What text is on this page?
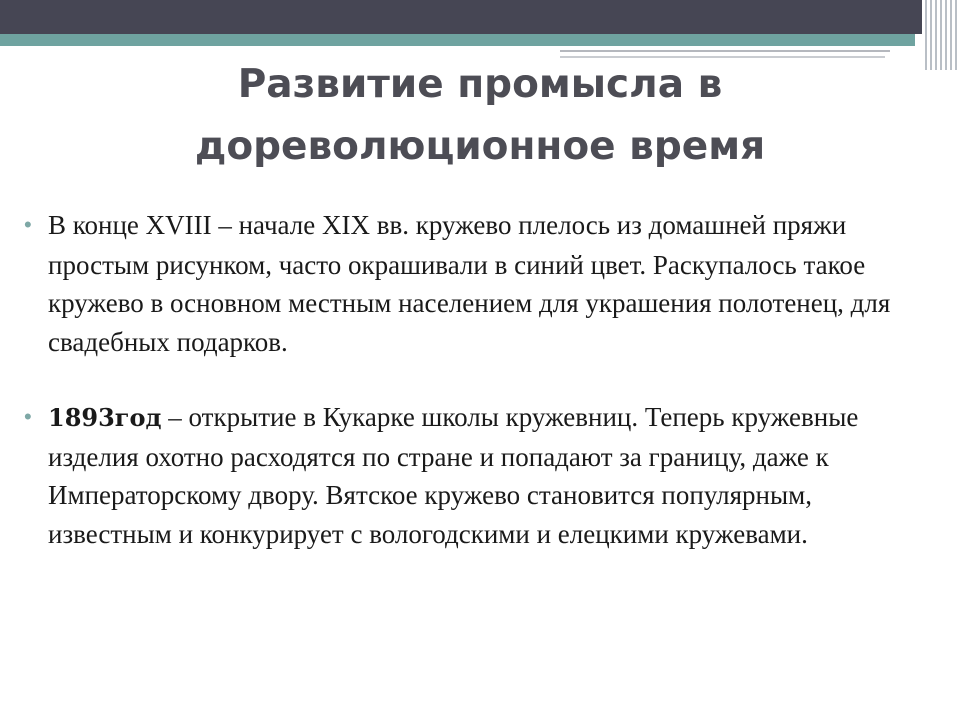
Развитие промысла в
дореволюционное время

• В конце XVIII – начале XIX вв. кружево плелось из домашней пряжи простым рисунком, часто окрашивали в синий цвет. Раскупалось такое кружево в основном местным населением для украшения полотенец, для свадебных подарков.

• 1893год – открытие в Кукарке школы кружевниц. Теперь кружевные изделия охотно расходятся по стране и попадают за границу, даже к Императорскому двору. Вятское кружево становится популярным, известным и конкурирует с вологодскими и елецкими кружевами.
